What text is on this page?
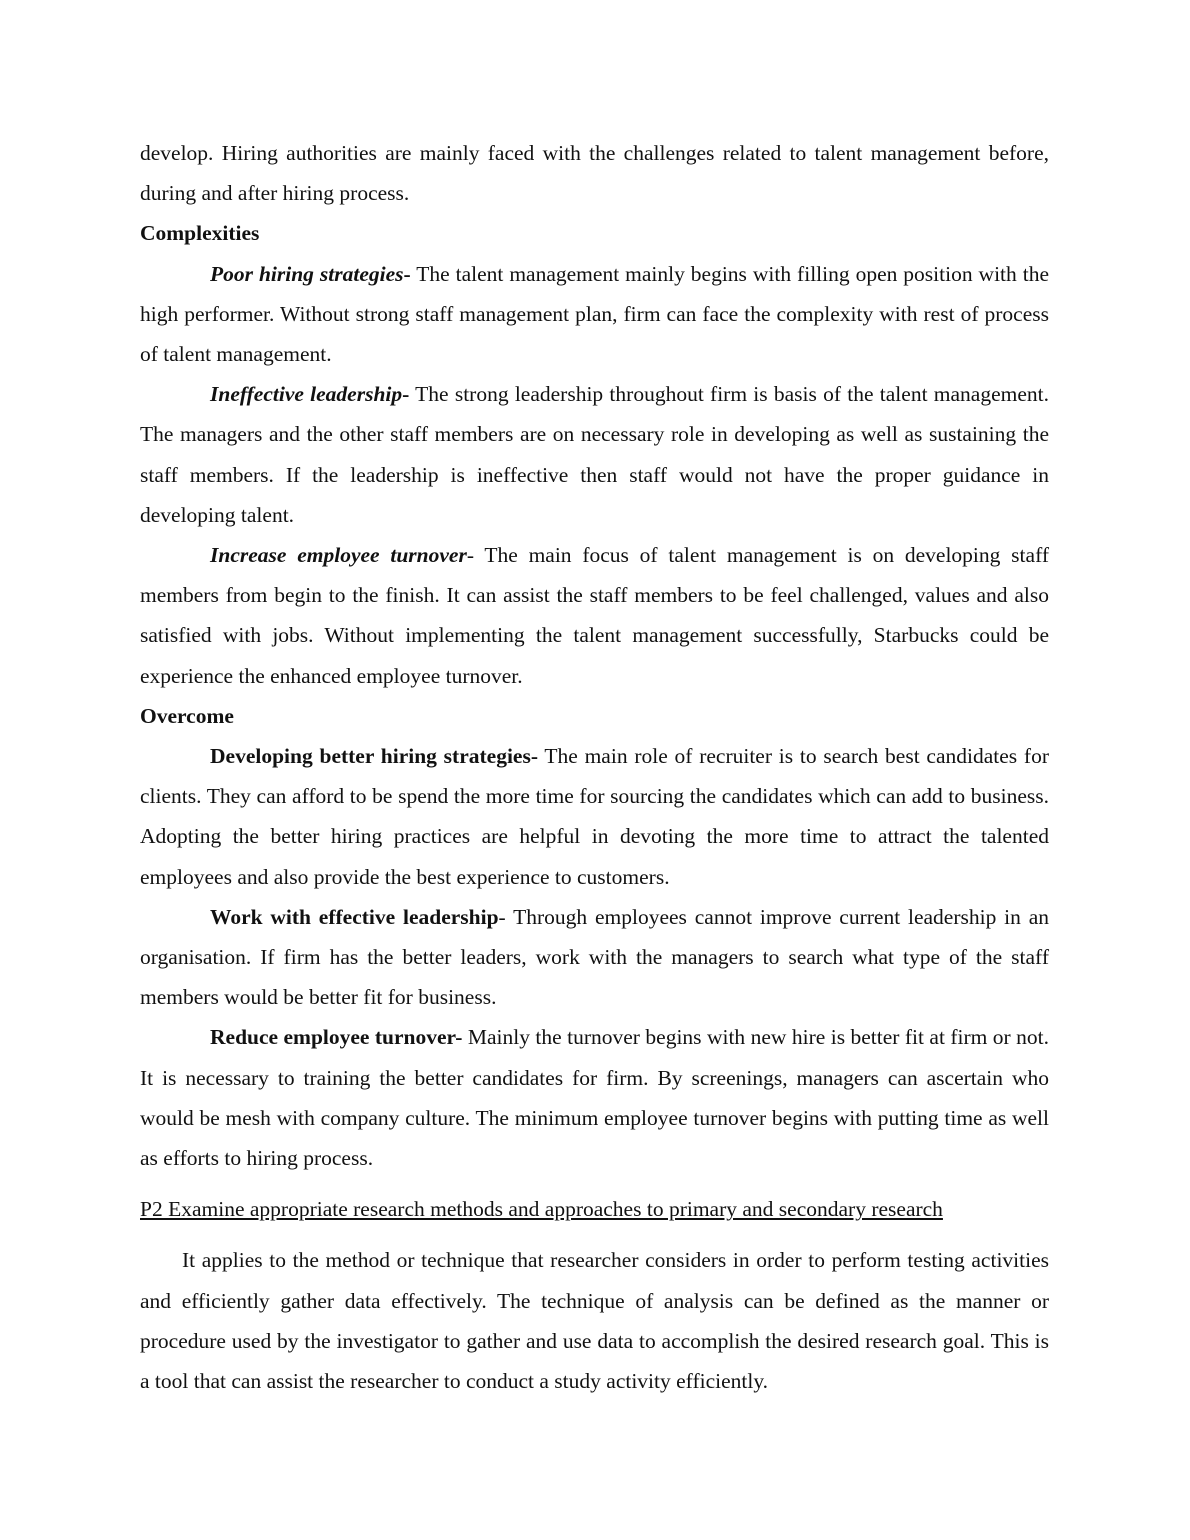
develop. Hiring authorities are mainly faced with the challenges related to talent management before, during and after hiring process.

Complexities

Poor hiring strategies- The talent management mainly begins with filling open position with the high performer. Without strong staff management plan, firm can face the complexity with rest of process of talent management.

Ineffective leadership- The strong leadership throughout firm is basis of the talent management. The managers and the other staff members are on necessary role in developing as well as sustaining the staff members. If the leadership is ineffective then staff would not have the proper guidance in developing talent.

Increase employee turnover- The main focus of talent management is on developing staff members from begin to the finish. It can assist the staff members to be feel challenged, values and also satisfied with jobs. Without implementing the talent management successfully, Starbucks could be experience the enhanced employee turnover.

Overcome

Developing better hiring strategies- The main role of recruiter is to search best candidates for clients. They can afford to be spend the more time for sourcing the candidates which can add to business. Adopting the better hiring practices are helpful in devoting the more time to attract the talented employees and also provide the best experience to customers.

Work with effective leadership- Through employees cannot improve current leadership in an organisation. If firm has the better leaders, work with the managers to search what type of the staff members would be better fit for business.

Reduce employee turnover- Mainly the turnover begins with new hire is better fit at firm or not. It is necessary to training the better candidates for firm. By screenings, managers can ascertain who would be mesh with company culture. The minimum employee turnover begins with putting time as well as efforts to hiring process.

P2 Examine appropriate research methods and approaches to primary and secondary research

It applies to the method or technique that researcher considers in order to perform testing activities and efficiently gather data effectively. The technique of analysis can be defined as the manner or procedure used by the investigator to gather and use data to accomplish the desired research goal. This is a tool that can assist the researcher to conduct a study activity efficiently.
